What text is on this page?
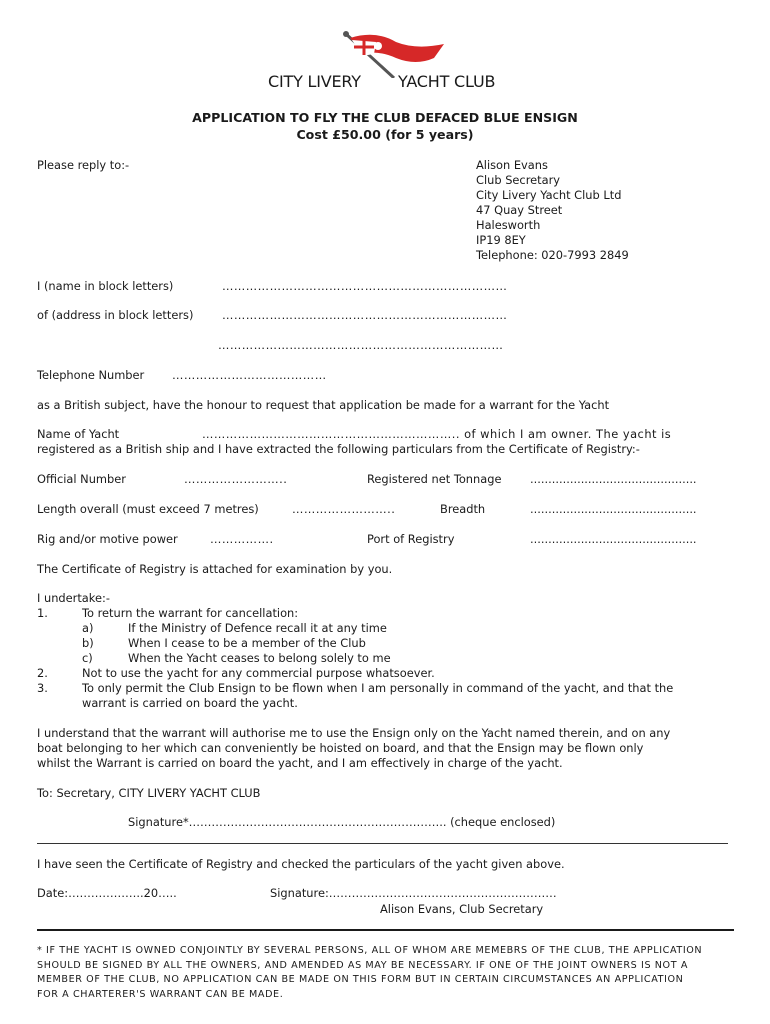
CITY LIVERY YACHT CLUB
APPLICATION TO FLY THE CLUB DEFACED BLUE ENSIGN
Cost £50.00 (for 5 years)
Please reply to:-	Alison Evans
Club Secretary
City Livery Yacht Club Ltd
47 Quay Street
Halesworth
IP19 8EY
Telephone: 020-7993 2849
I (name in block letters)	………………………………………………………………
of (address in block letters)	………………………………………………………………
………………………………………………………………
Telephone Number …………………………………
as a British subject, have the honour to request that application be made for a warrant for the Yacht
Name of Yacht	……………………………………………………….. of which I am owner. The yacht is
registered as a British ship and I have extracted the following particulars from the Certificate of Registry:-
Official Number	……………………..	Registered net Tonnage	..............................................
Length overall (must exceed 7 metres)	……………………..	Breadth	..............................................
Rig and/or motive power	…………….	Port of Registry	..............................................
The Certificate of Registry is attached for examination by you.
I undertake:-
1.	To return the warrant for cancellation:
a)	If the Ministry of Defence recall it at any time
b)	When I cease to be a member of the Club
c)	When the Yacht ceases to belong solely to me
2.	Not to use the yacht for any commercial purpose whatsoever.
3.	To only permit the Club Ensign to be flown when I am personally in command of the yacht, and that the
warrant is carried on board the yacht.
I understand that the warrant will authorise me to use the Ensign only on the Yacht named therein, and on any
boat belonging to her which can conveniently be hoisted on board, and that the Ensign may be flown only
whilst the Warrant is carried on board the yacht, and I am effectively in charge of the yacht.
To: Secretary, CITY LIVERY YACHT CLUB
Signature*………………………………………………………….. (cheque enclosed)
I have seen the Certificate of Registry and checked the particulars of the yacht given above.
Date:………………..20…..	Signature:……………………………………………………
Alison Evans, Club Secretary
* IF THE YACHT IS OWNED CONJOINTLY BY SEVERAL PERSONS, ALL OF WHOM ARE MEMEBRS OF THE CLUB, THE APPLICATION
SHOULD BE SIGNED BY ALL THE OWNERS, AND AMENDED AS MAY BE NECESSARY. IF ONE OF THE JOINT OWNERS IS NOT A
MEMBER OF THE CLUB, NO APPLICATION CAN BE MADE ON THIS FORM BUT IN CERTAIN CIRCUMSTANCES AN APPLICATION
FOR A CHARTERER'S WARRANT CAN BE MADE.
